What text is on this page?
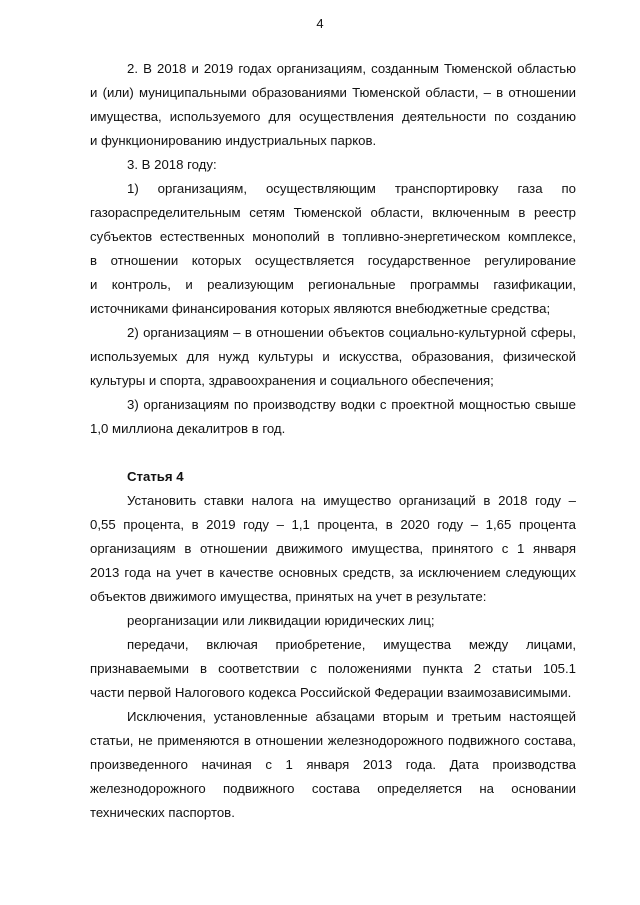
4
2. В 2018 и 2019 годах организациям, созданным Тюменской областью
и (или) муниципальными образованиями Тюменской области, – в отношении
имущества, используемого для осуществления деятельности по созданию
и функционированию индустриальных парков.
3. В 2018 году:
1) организациям, осуществляющим транспортировку газа по
газораспределительным сетям Тюменской области, включенным в реестр
субъектов естественных монополий в топливно-энергетическом комплексе,
в отношении которых осуществляется государственное регулирование
и контроль, и реализующим региональные программы газификации,
источниками финансирования которых являются внебюджетные средства;
2) организациям – в отношении объектов социально-культурной сферы,
используемых для нужд культуры и искусства, образования, физической
культуры и спорта, здравоохранения и социального обеспечения;
3) организациям по производству водки с проектной мощностью свыше
1,0 миллиона декалитров в год.
Статья 4
Установить ставки налога на имущество организаций в 2018 году –
0,55 процента, в 2019 году – 1,1 процента, в 2020 году – 1,65 процента
организациям в отношении движимого имущества, принятого с 1 января
2013 года на учет в качестве основных средств, за исключением следующих
объектов движимого имущества, принятых на учет в результате:
реорганизации или ликвидации юридических лиц;
передачи, включая приобретение, имущества между лицами,
признаваемыми в соответствии с положениями пункта 2 статьи 105.1
части первой Налогового кодекса Российской Федерации взаимозависимыми.
Исключения, установленные абзацами вторым и третьим настоящей
статьи, не применяются в отношении железнодорожного подвижного состава,
произведенного начиная с 1 января 2013 года. Дата производства
железнодорожного подвижного состава определяется на основании
технических паспортов.
